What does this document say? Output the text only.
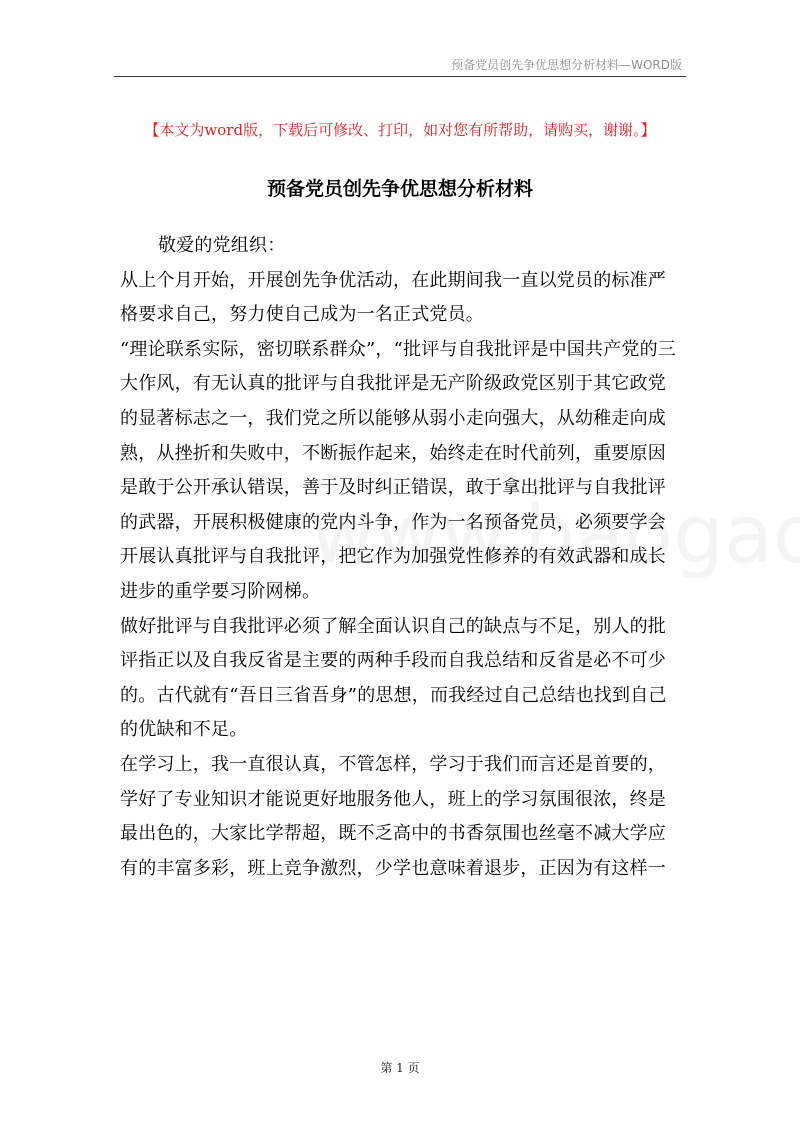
预备党员创先争优思想分析材料—WORD版
【本文为word版，下载后可修改、打印，如对您有所帮助，请购买，谢谢。】
预备党员创先争优思想分析材料

敬爱的党组织：

从上个月开始，开展创先争优活动，在此期间我一直以党员的标准严格要求自己，努力使自己成为一名正式党员。

“理论联系实际，密切联系群众”，“批评与自我批评是中国共产党的三大作风，有无认真的批评与自我批评是无产阶级政党区别于其它政党的显著标志之一，我们党之所以能够从弱小走向强大，从幼稚走向成熟，从挫折和失败中，不断振作起来，始终走在时代前列，重要原因是敢于公开承认错误，善于及时纠正错误，敢于拿出批评与自我批评的武器，开展积极健康的党内斗争，作为一名预备党员，必须要学会开展认真批评与自我批评，把它作为加强党性修养的有效武器和成长进步的重学要习阶网梯。

做好批评与自我批评必须了解全面认识自己的缺点与不足，别人的批评指正以及自我反省是主要的两种手段而自我总结和反省是必不可少的。古代就有“吾日三省吾身”的思想，而我经过自己总结也找到自己的优缺和不足。

在学习上，我一直很认真，不管怎样，学习于我们而言还是首要的，学好了专业知识才能说更好地服务他人，班上的学习氛围很浓，终是最出色的，大家比学帮超，既不乏高中的书香氛围也丝毫不减大学应有的丰富多彩，班上竞争激烈，少学也意味着退步，正因为有这样一

第 1 页
